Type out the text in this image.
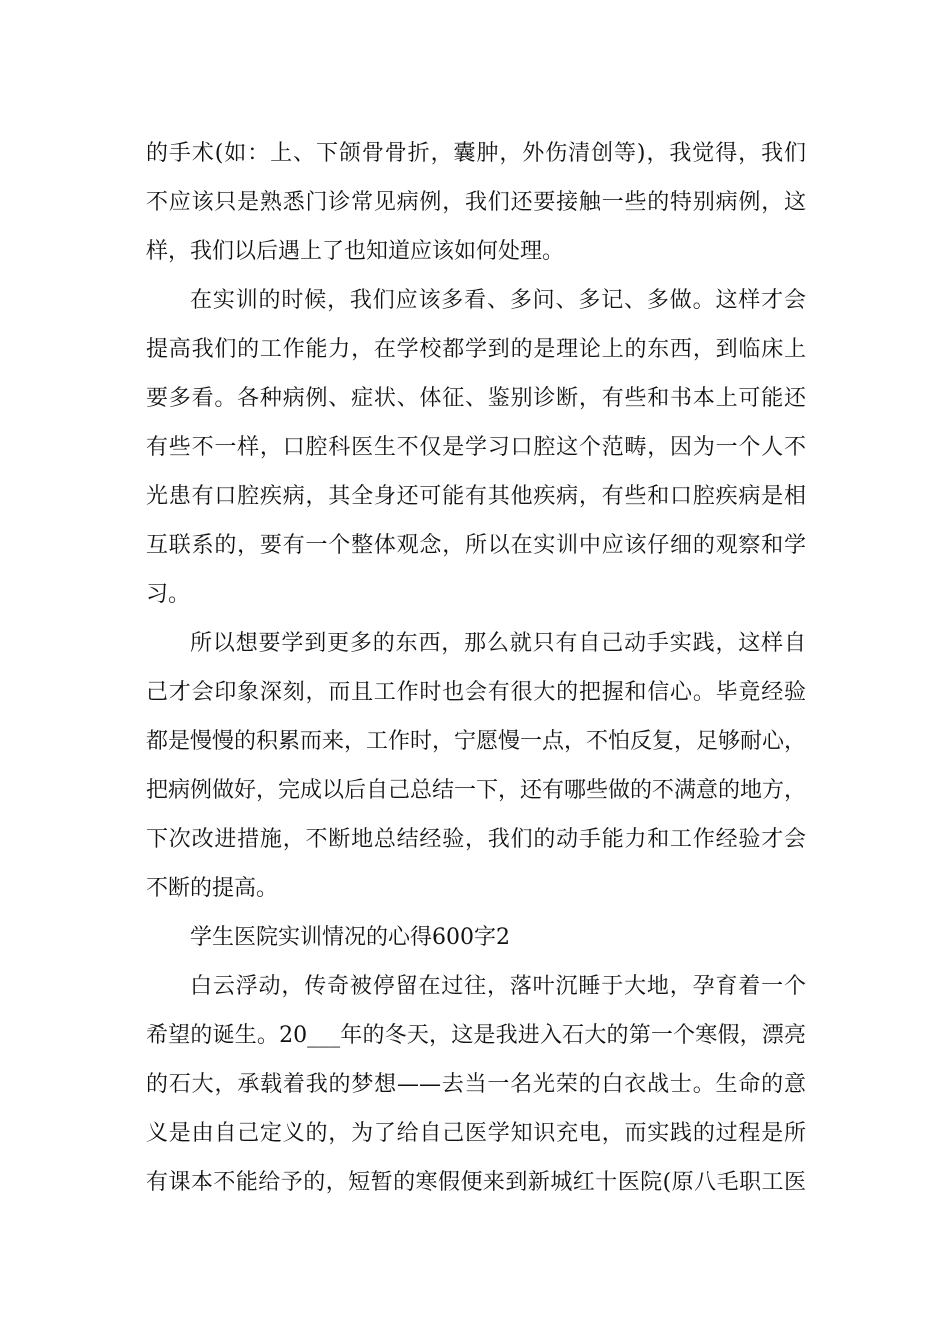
的手术(如：上、下颌骨骨折，囊肿，外伤清创等)，我觉得，我们
不应该只是熟悉门诊常见病例，我们还要接触一些的特别病例，这
样，我们以后遇上了也知道应该如何处理。
在实训的时候，我们应该多看、多问、多记、多做。这样才会
提高我们的工作能力，在学校都学到的是理论上的东西，到临床上
要多看。各种病例、症状、体征、鉴别诊断，有些和书本上可能还
有些不一样，口腔科医生不仅是学习口腔这个范畴，因为一个人不
光患有口腔疾病，其全身还可能有其他疾病，有些和口腔疾病是相
互联系的，要有一个整体观念，所以在实训中应该仔细的观察和学
习。
所以想要学到更多的东西，那么就只有自己动手实践，这样自
己才会印象深刻，而且工作时也会有很大的把握和信心。毕竟经验
都是慢慢的积累而来，工作时，宁愿慢一点，不怕反复，足够耐心，
把病例做好，完成以后自己总结一下，还有哪些做的不满意的地方，
下次改进措施，不断地总结经验，我们的动手能力和工作经验才会
不断的提高。
学生医院实训情况的心得600字2
白云浮动，传奇被停留在过往，落叶沉睡于大地，孕育着一个
希望的诞生。20___年的冬天，这是我进入石大的第一个寒假，漂亮
的石大，承载着我的梦想——去当一名光荣的白衣战士。生命的意
义是由自己定义的，为了给自己医学知识充电，而实践的过程是所
有课本不能给予的，短暂的寒假便来到新城红十医院(原八毛职工医
